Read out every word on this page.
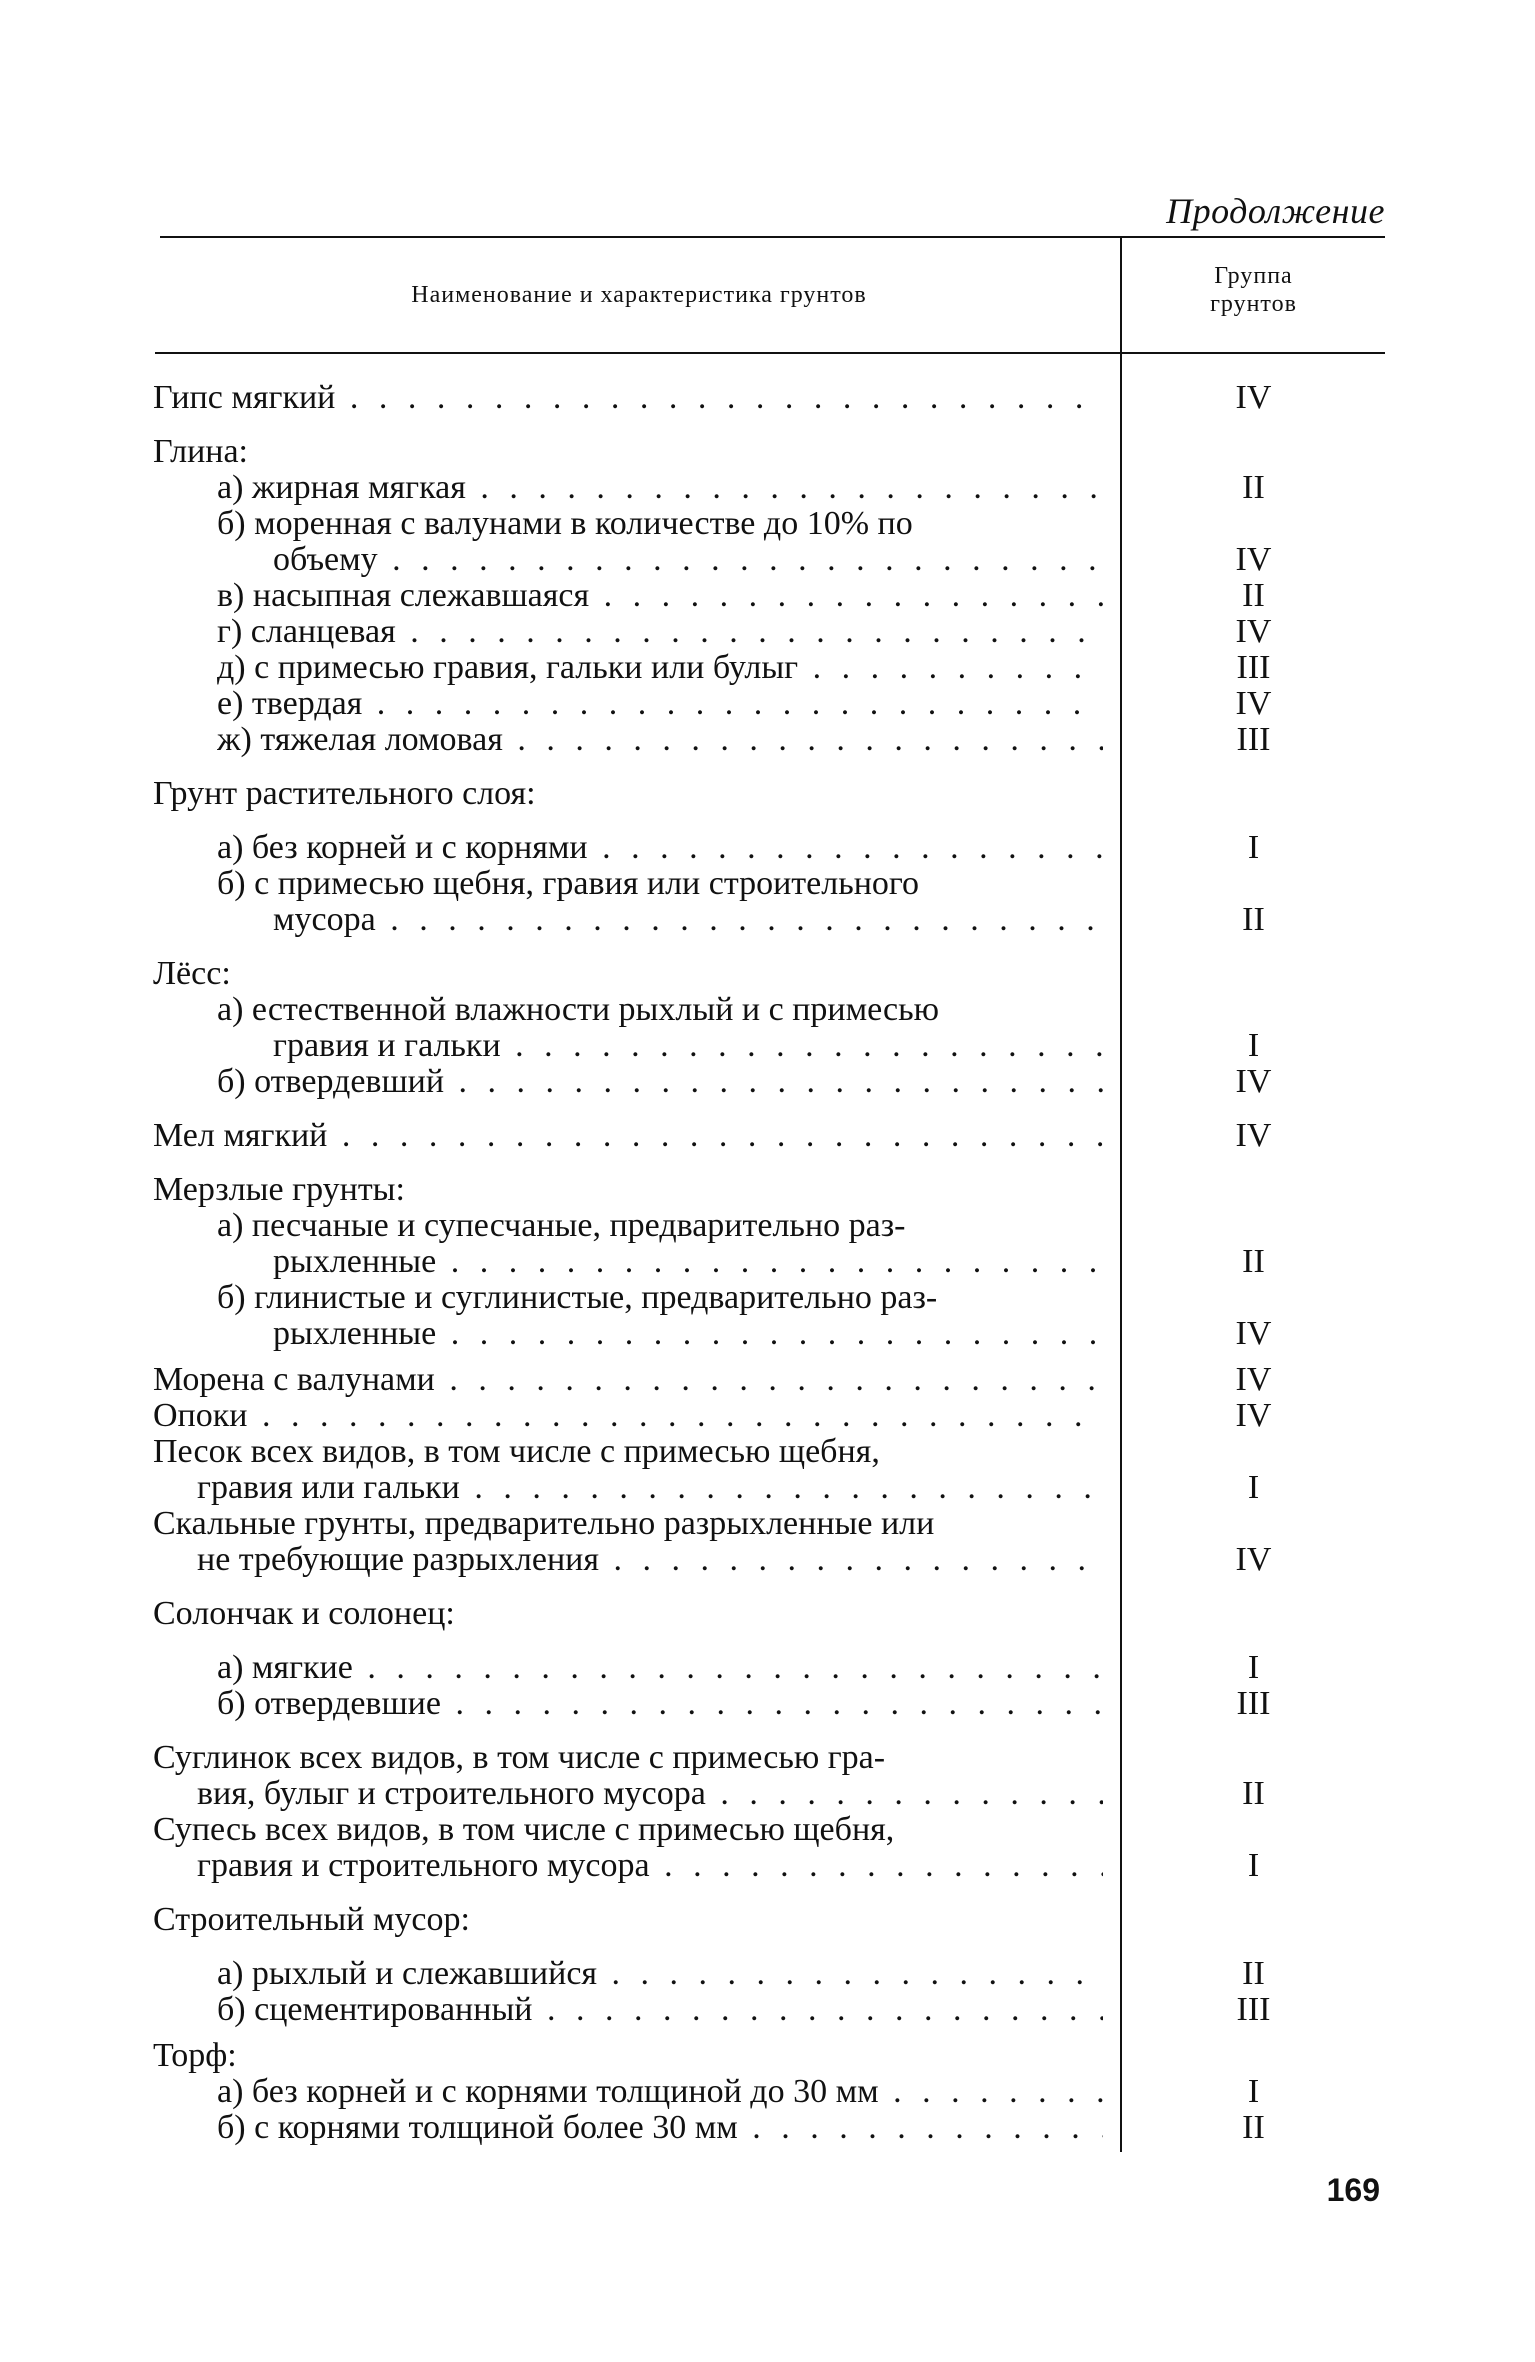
Продолжение
Наименование и характеристика грунтов
Группа
грунтов
Гипс мягкий . . .	IV
Глина:
а) жирная мягкая . . .	II
б) моренная с валунами в количестве до 10% по
объему . . .	IV
в) насыпная слежавшаяся . . .	II
г) сланцевая . . .	IV
д) с примесью гравия, гальки или булыг . . .	III
е) твердая . . .	IV
ж) тяжелая ломовая . . .	III
Грунт растительного слоя:
а) без корней и с корнями . . .	I
б) с примесью щебня, гравия или строительного
мусора . . .	II
Лёсс:
а) естественной влажности рыхлый и с примесью
гравия и гальки . . .	I
б) отвердевший . . .	IV
Мел мягкий . . .	IV
Мерзлые грунты:
а) песчаные и супесчаные, предварительно раз-
рыхленные . . .	II
б) глинистые и суглинистые, предварительно раз-
рыхленные . . .	IV
Морена с валунами . . .	IV
Опоки . . .	IV
Песок всех видов, в том числе с примесью щебня,
гравия или гальки . . .	I
Скальные грунты, предварительно разрыхленные или
не требующие разрыхления . . .	IV
Солончак и солонец:
а) мягкие . . .	I
б) отвердевшие . . .	III
Суглинок всех видов, в том числе с примесью гра-
вия, булыг и строительного мусора . . .	II
Супесь всех видов, в том числе с примесью щебня,
гравия и строительного мусора . . .	I
Строительный мусор:
а) рыхлый и слежавшийся . . .	II
б) сцементированный . . .	III
Торф:
а) без корней и с корнями толщиной до 30 мм . . .	I
б) с корнями толщиной более 30 мм . . .	II
169
